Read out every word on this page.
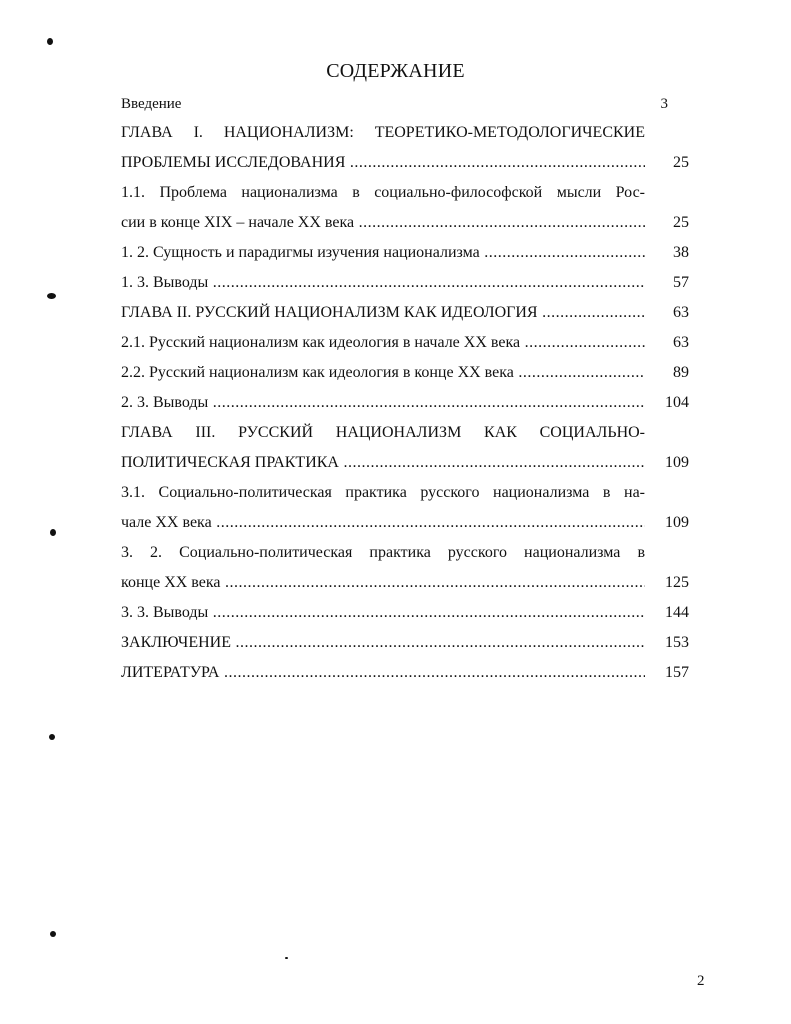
СОДЕРЖАНИЕ
Введение	3
ГЛАВА I. НАЦИОНАЛИЗМ: ТЕОРЕТИКО-МЕТОДОЛОГИЧЕСКИЕ
ПРОБЛЕМЫ ИССЛЕДОВАНИЯ .....	25
1.1. Проблема национализма в социально-философской мысли Рос-
сии в конце XIX – начале XX века .....	25
1. 2. Сущность и парадигмы изучения национализма .....	38
1. 3. Выводы .....	57
ГЛАВА II. РУССКИЙ НАЦИОНАЛИЗМ КАК ИДЕОЛОГИЯ .....	63
2.1. Русский национализм как идеология в начале XX века .....	63
2.2. Русский национализм как идеология в конце XX века .....	89
2. 3. Выводы .....	104
ГЛАВА III. РУССКИЙ НАЦИОНАЛИЗМ КАК СОЦИАЛЬНО-
ПОЛИТИЧЕСКАЯ ПРАКТИКА .....	109
3.1. Социально-политическая практика русского национализма в на-
чале XX века .....	109
3. 2. Социально-политическая практика русского национализма в
конце XX века .....	125
3. 3. Выводы .....	144
ЗАКЛЮЧЕНИЕ .....	153
ЛИТЕРАТУРА .....	157
2
